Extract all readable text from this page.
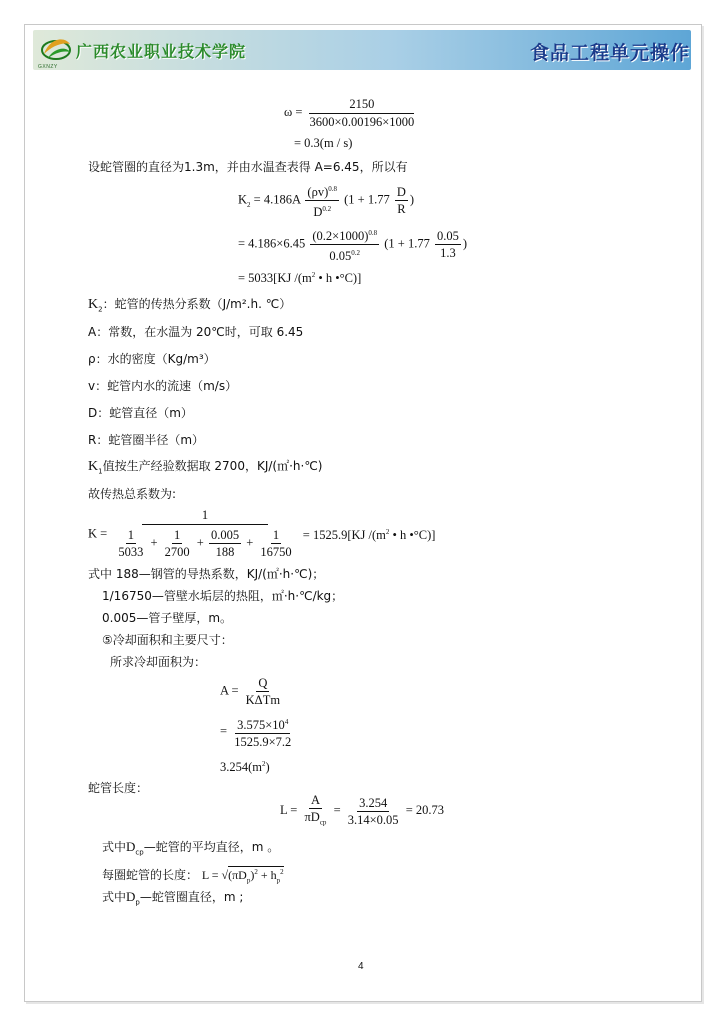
GXNZY
广西农业职业技术学院	食品工程单元操作
$\omega = \frac{2150}{3600\times 0.00196\times 1000}$
= 0.3(m / s)
设蛇管圈的直径为1.3m，并由水温查表得 A=6.45，所以有
$K_2 = 4.186A \frac{(\rho v)^{0.8}}{D^{0.2}} (1 + 1.77 \frac{D}{R}$ )
= $4.186\times 6.45 \frac{(0.2\times 1000)^{0.8}}{0.05^{0.2}} (1 + 1.77 \frac{0.05}{1.3}$ )
= 5033[KJ $/(m^2$ • h •°C)]
$K_2$：蛇管的传热分系数（J/m².h. ℃）
A：常数，在水温为 20℃时，可取 6.45
ρ：水的密度（Kg/m³）
v：蛇管内水的流速（m/s）
D：蛇管直径（m）
R：蛇管圈半径（m）
$K_1$值按生产经验数据取 2700，KJ/(㎡·h·℃)
故传热总系数为:
K =
1
$\frac{1}{5033} + \frac{1}{2700} + \frac{0.005}{188} + \frac{1}{16750} = 1525.9[KJ$ $/(m^2$ • h •°C)]
式中 188—钢管的导热系数，KJ/(㎡·h·℃)；
1/16750—管壁水垢层的热阻，㎡·h·℃/kg；
0.005—管子壁厚，m。
⑤冷却面积和主要尺寸：
所求冷却面积为：
$A = \frac{Q}{\text{KΔTm}}$
= $\frac{3.575\times 10^4}{1525.9\times 7.2}$
$3.254(m^2)$
蛇管长度：
$L = \frac{A}{\pi D_{cp}} = \frac{3.254}{3.14\times 0.05} = 20.73$
式中$D_{cp}—$蛇管的平均直径，m 。
每圈蛇管的长度： $L = √(\pi D_p)^2 + h_p^2$
式中$D_p—$蛇管圈直径，m ;
4
